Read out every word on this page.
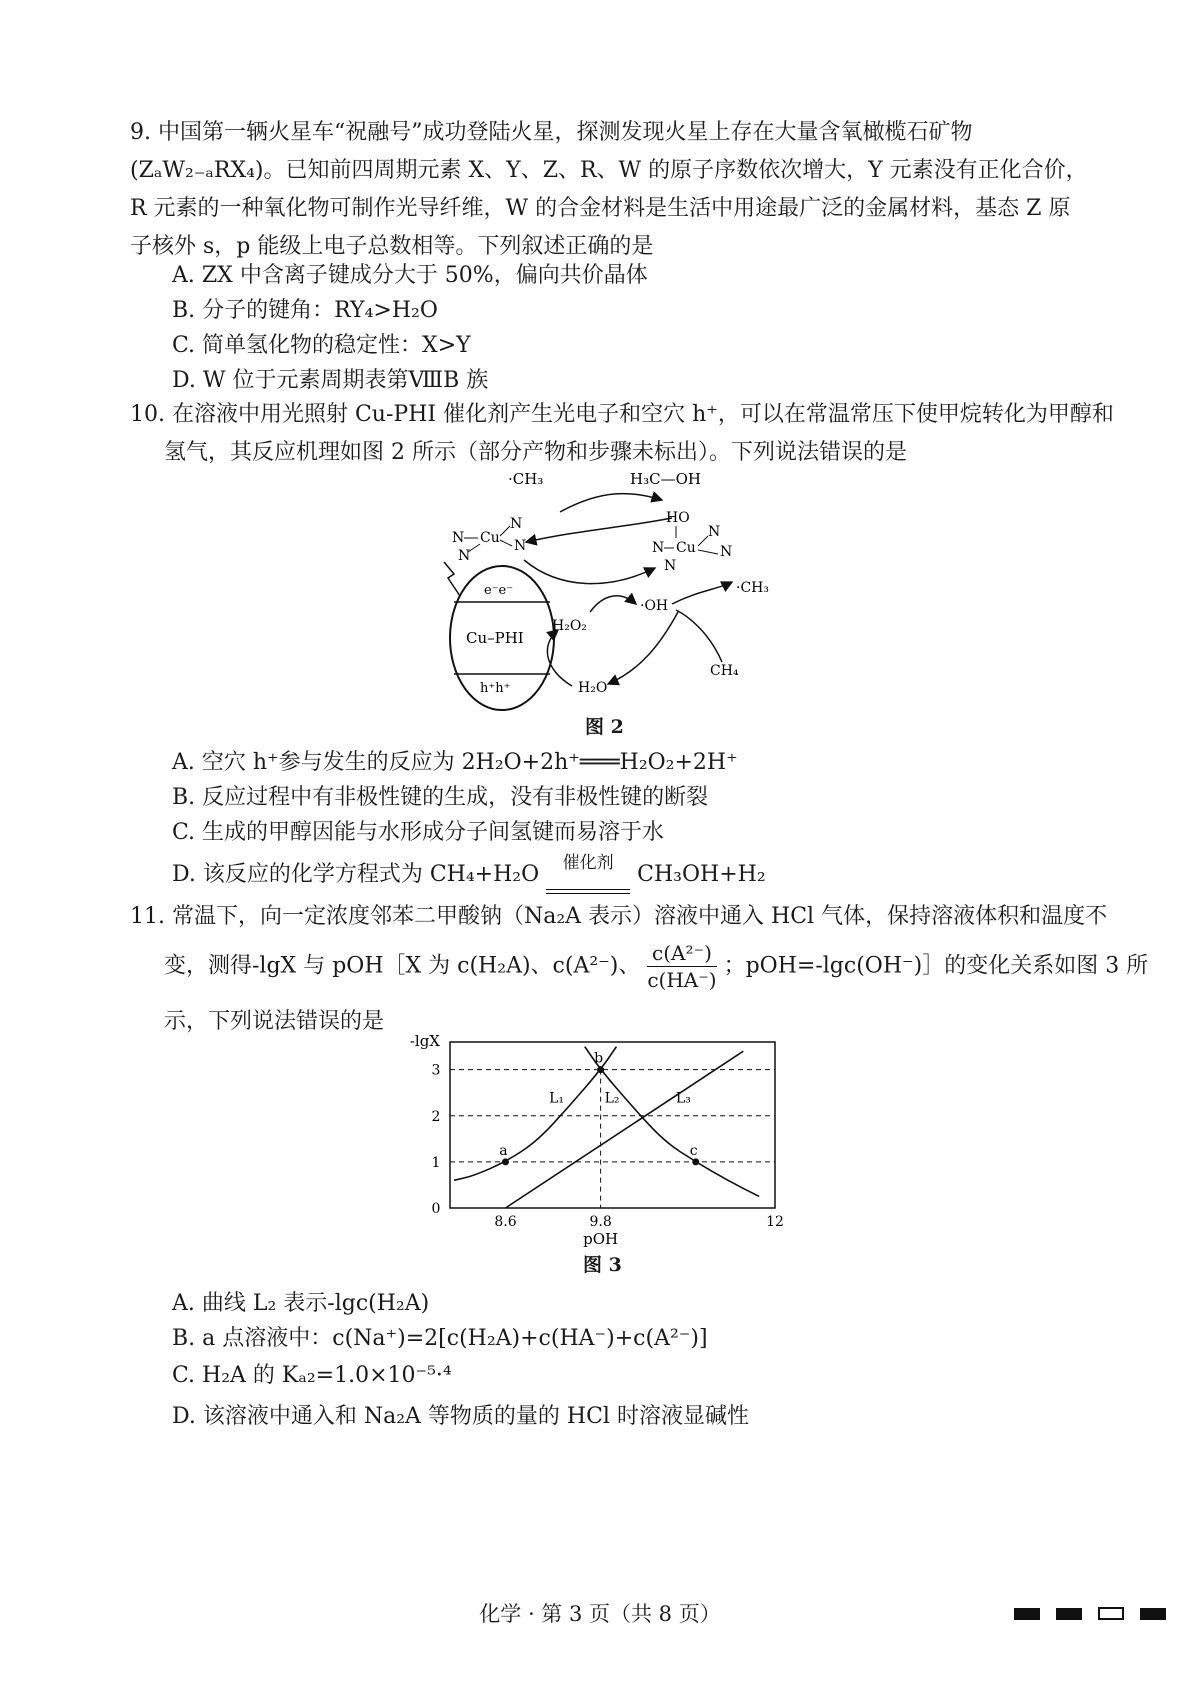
9. 中国第一辆火星车“祝融号”成功登陆火星，探测发现火星上存在大量含氧橄榄石矿物
(ZₐW₂₋ₐRX₄)。已知前四周期元素 X、Y、Z、R、W 的原子序数依次增大，Y 元素没有正化合价，
R 元素的一种氧化物可制作光导纤维，W 的合金材料是生活中用途最广泛的金属材料，基态 Z 原
子核外 s，p 能级上电子总数相等。下列叙述正确的是
A. ZX 中含离子键成分大于 50%，偏向共价晶体
B. 分子的键角：RY₄>H₂O
C. 简单氢化物的稳定性：X>Y
D. W 位于元素周期表第ⅧB 族
10. 在溶液中用光照射 Cu-PHI 催化剂产生光电子和空穴 h⁺，可以在常温常压下使甲烷转化为甲醇和
氢气，其反应机理如图 2 所示（部分产物和步骤未标出）。下列说法错误的是
·CH₃	H₃C—OH
N Cu
N
N
N
HO
N Cu
N
N
N
e⁻e⁻
Cu–PHI
h⁺h⁺
H₂O₂
·OH
·CH₃
CH₄
H₂O
图 2
A. 空穴 h⁺参与发生的反应为 2H₂O+2h⁺═══H₂O₂+2H⁺
B. 反应过程中有非极性键的生成，没有非极性键的断裂
C. 生成的甲醇因能与水形成分子间氢键而易溶于水
D. 该反应的化学方程式为 CH₄+H₂O	催化剂	CH₃OH+H₂
11. 常温下，向一定浓度邻苯二甲酸钠（Na₂A 表示）溶液中通入 HCl 气体，保持溶液体积和温度不
变，测得-lgX 与 pOH［X 为 c(H₂A)、c(A²⁻)、 $\frac{\text{c(A²⁻)}}{c(HA^-)}$ ；pOH=-lgc(OH⁻)］的变化关系如图 3 所
示，下列说法错误的是
0
1
2
3
8.6	9.8	12
-lgX
pOH
L₁	L₂	L₃
a
b
c
图 3
A. 曲线 L₂ 表示-lgc(H₂A)
B. a 点溶液中：c(Na⁺)=2[c(H₂A)+c(HA⁻)+c(A²⁻)]
C. H₂A 的 Kₐ₂=1.0×10⁻⁵·⁴
D. 该溶液中通入和 Na₂A 等物质的量的 HCl 时溶液显碱性
化学 · 第 3 页（共 8 页）
